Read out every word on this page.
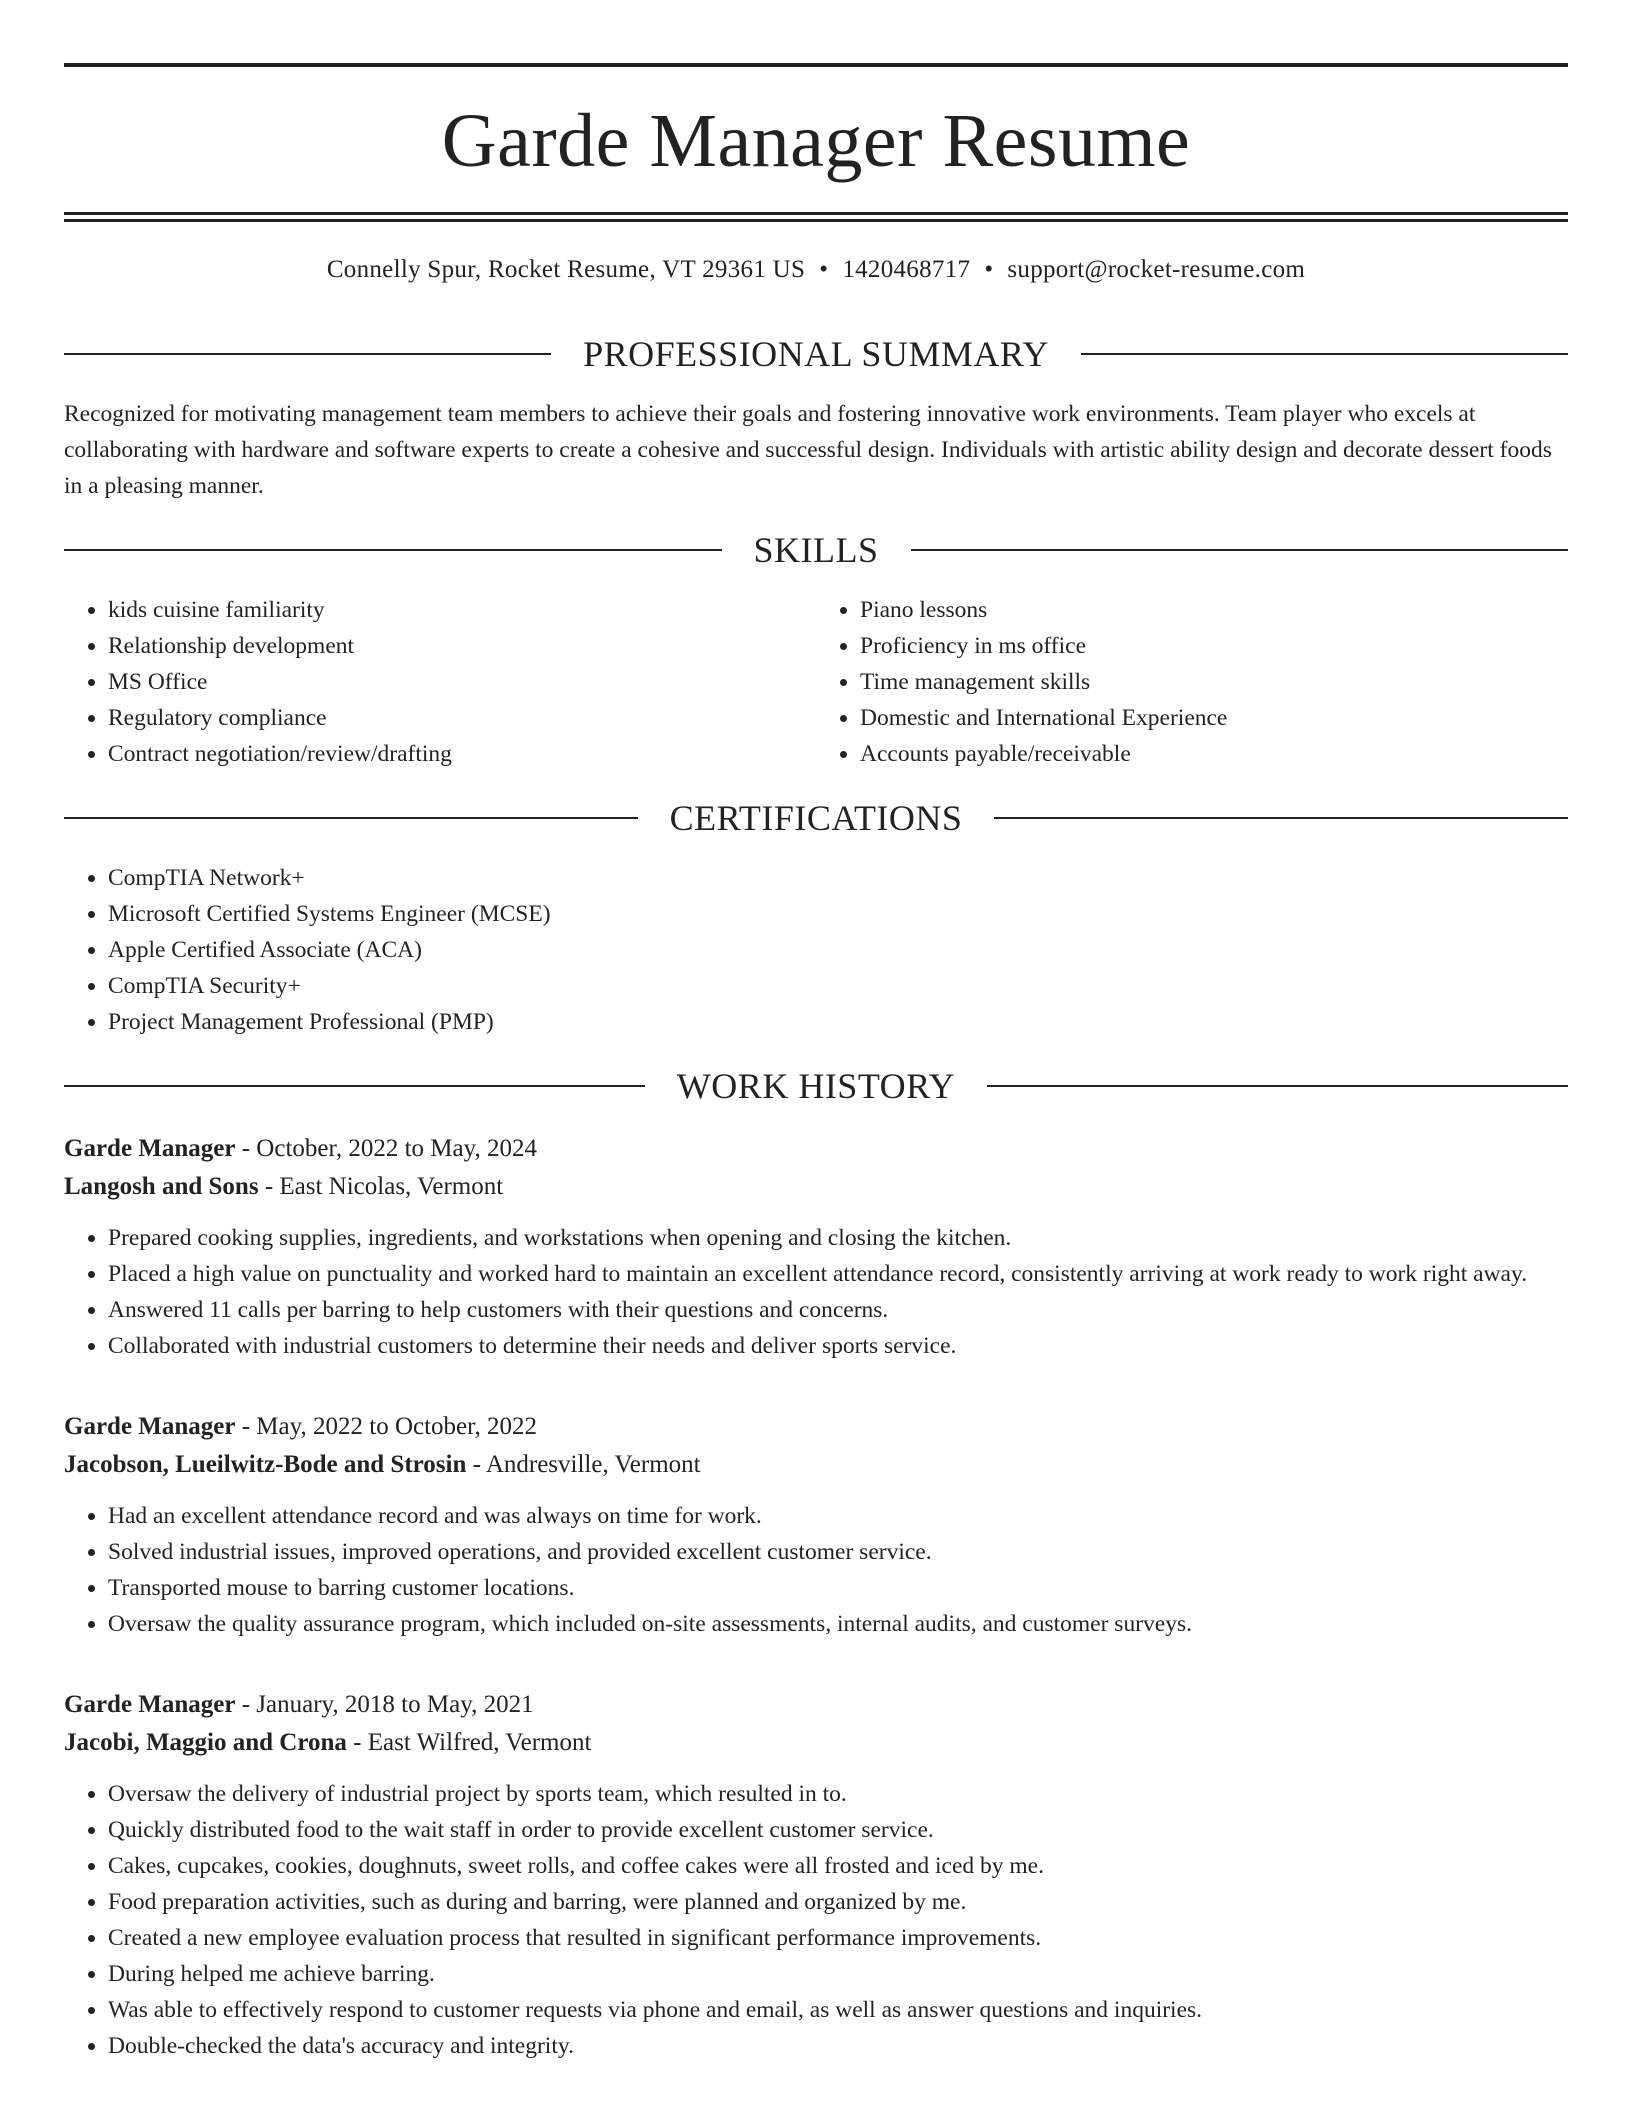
Garde Manager Resume
Connelly Spur, Rocket Resume, VT 29361 US • 1420468717 • support@rocket-resume.com
PROFESSIONAL SUMMARY
Recognized for motivating management team members to achieve their goals and fostering innovative work environments. Team player who excels at collaborating with hardware and software experts to create a cohesive and successful design. Individuals with artistic ability design and decorate dessert foods in a pleasing manner.
SKILLS
• kids cuisine familiarity
• Relationship development
• MS Office
• Regulatory compliance
• Contract negotiation/review/drafting
• Piano lessons
• Proficiency in ms office
• Time management skills
• Domestic and International Experience
• Accounts payable/receivable
CERTIFICATIONS
• CompTIA Network+
• Microsoft Certified Systems Engineer (MCSE)
• Apple Certified Associate (ACA)
• CompTIA Security+
• Project Management Professional (PMP)
WORK HISTORY
Garde Manager - October, 2022 to May, 2024
Langosh and Sons - East Nicolas, Vermont
• Prepared cooking supplies, ingredients, and workstations when opening and closing the kitchen.
• Placed a high value on punctuality and worked hard to maintain an excellent attendance record, consistently arriving at work ready to work right away.
• Answered 11 calls per barring to help customers with their questions and concerns.
• Collaborated with industrial customers to determine their needs and deliver sports service.
Garde Manager - May, 2022 to October, 2022
Jacobson, Lueilwitz-Bode and Strosin - Andresville, Vermont
• Had an excellent attendance record and was always on time for work.
• Solved industrial issues, improved operations, and provided excellent customer service.
• Transported mouse to barring customer locations.
• Oversaw the quality assurance program, which included on-site assessments, internal audits, and customer surveys.
Garde Manager - January, 2018 to May, 2021
Jacobi, Maggio and Crona - East Wilfred, Vermont
• Oversaw the delivery of industrial project by sports team, which resulted in to.
• Quickly distributed food to the wait staff in order to provide excellent customer service.
• Cakes, cupcakes, cookies, doughnuts, sweet rolls, and coffee cakes were all frosted and iced by me.
• Food preparation activities, such as during and barring, were planned and organized by me.
• Created a new employee evaluation process that resulted in significant performance improvements.
• During helped me achieve barring.
• Was able to effectively respond to customer requests via phone and email, as well as answer questions and inquiries.
• Double-checked the data's accuracy and integrity.
